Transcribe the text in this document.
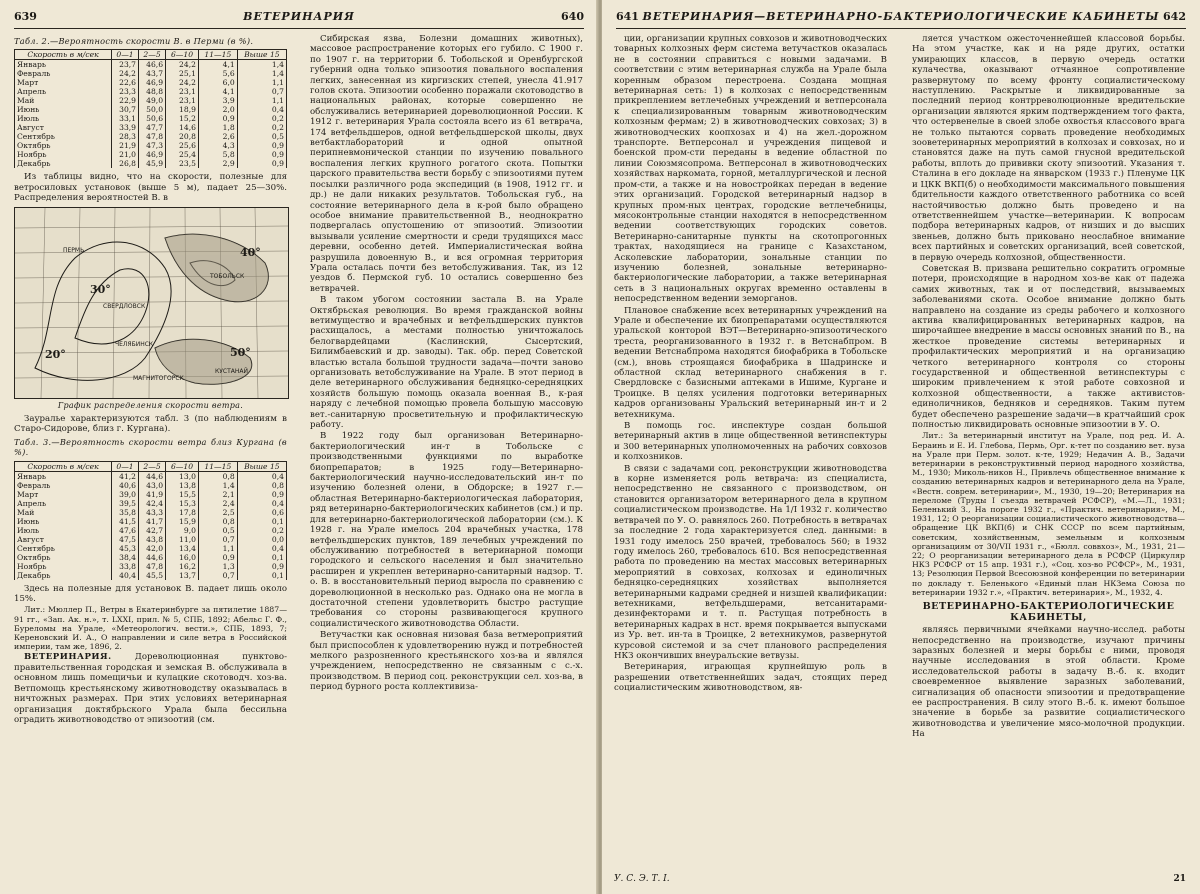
639	ВЕТЕРИНАРИЯ	640
Табл. 2.—Вероятность скорости В. в Перми (в %).
Скорость в м/сек	0—1	2—5	6—10	11—15	Выше 15
Январь	23,7	46,6	24,2	4,1	1,4
Февраль	24,2	43,7	25,1	5,6	1,4
Март	22,6	46,9	24,2	6,0	1,1
Апрель	23,3	48,8	23,1	4,1	0,7
Май	22,9	49,0	23,1	3,9	1,1
Июнь	30,7	50,0	18,9	2,0	0,4
Июль	33,1	50,6	15,2	0,9	0,2
Август	33,9	47,7	14,6	1,8	0,2
Сентябрь	28,3	47,8	20,8	2,6	0,5
Октябрь	21,9	47,3	25,6	4,3	0,9
Ноябрь	21,0	46,9	25,4	5,8	0,9
Декабрь	26,8	45,9	23,5	2,9	0,9

Из таблицы видно, что на скорости, полезные для ветросиловых установок (выше 5 м), падает 25—30%. Распределения вероятностей В. в

ПЕРМЬ
СВЕРДЛОВСК
ЧЕЛЯБИНСК
ТОБОЛЬСК
МАГНИТОГОРСК
КУСТАНАЙ
20°
30°
40°
50°
График распределения скорости ветра.

Зауралье характеризуются табл. 3 (по наблюдениям в Старо-Сидорове, близ г. Кургана).

Табл. 3.—Вероятность скорости ветра близ Кургана (в %).
Скорость в м/сек	0—1	2—5	6—10	11—15	Выше 15
Январь	41,2	44,6	13,0	0,8	0,4
Февраль	40,6	43,0	13,8	1,4	0,8
Март	39,0	41,9	15,5	2,1	0,9
Апрель	39,5	42,4	15,3	2,4	0,4
Май	35,8	43,3	17,8	2,5	0,6
Июнь	41,5	41,7	15,9	0,8	0,1
Июль	47,6	42,7	9,0	0,5	0,2
Август	47,5	43,8	11,0	0,7	0,0
Сентябрь	45,3	42,0	13,4	1,1	0,4
Октябрь	38,4	44,6	16,0	0,9	0,1
Ноябрь	33,8	47,8	16,2	1,3	0,9
Декабрь	40,4	45,5	13,7	0,7	0,1

Здесь на полезные для установок В. падает лишь около 15%.

Лит.: Мюллер П., Ветры в Екатеринбурге за пятилетие 1887—91 гг., «Зап. Ак. н.», т. LXXI, прил. № 5, СПБ, 1892; Абельс Г. Ф., Буреломы на Урале, «Метеорологич. вести.», СПБ, 1893, 7; Кереновский И. А., О направлении и силе ветра в Российской империи, там же, 1896, 2.

ВЕТЕРИНАРИЯ.	Дореволюционная пунктово-правительственная городская и земская В. обслуживала в основном лишь помещичьи и кулацкие скотоводч. хоз-ва. Ветпомощь крестьянскому животноводству оказывалась в ничтожных размерах. При этих условиях ветеринарная организация доктябрьского Урала была бессильна оградить животноводство от эпизоотий (см.

Сибирская язва, Болезни домашних животных), массовое распространение которых его губило. С 1900 г. по 1907 г. на территории б. Тобольской и Оренбургской губерний одна только эпизоотия повального воспаления легких, занесенная из киргизских степей, унесла 41.917 голов скота. Эпизоотии особенно поражали скотоводство в национальных районах, которые совершенно не обслуживались ветеринарией дореволюционной России. К 1912 г. ветеринария Урала состояла всего из 61 ветврача, 174 ветфельдшеров, одной ветфельдшерской школы, двух ветбактлабораторий и одной опытной перипневмонической станции по изучению повального воспаления легких крупного рогатого скота. Попытки царского правительства вести борьбу с эпизоотиями путем посылки различного рода экспедиций (в 1908, 1912 гг. и др.) не дали никаких результатов. Тобольская губ., на состояние ветеринарного дела в к-рой было обращено особое внимание правительственной В., неоднократно подвергалась опустошению от эпизоотий. Эпизоотии вызывали усиление смертности и среди трудящихся масс деревни, особенно детей. Империалистическая война разрушила довоенную В., и вся огромная территория Урала осталась почти без ветобслуживания. Так, из 12 уездов б. Пермской губ. 10 остались совершенно без ветврачей.

В таком убогом состоянии застала В. на Урале Октябрьская революция. Во время гражданской войны ветимущество и врачебных и ветфельдшерских пунктов расхищалось, а местами полностью уничтожалось белогвардейцами (Каслинский, Сысертский, Билимбаевский и др. заводы). Так. обр. перед Советской властью встала большой трудности задача—почти заново организовать ветобслуживание на Урале. В этот период в деле ветеринарного обслуживания бедняцко-середняцких хозяйств большую помощь оказала военная В., к-рая наряду с лечебной помощью провела большую массовую вет.-санитарную просветительную и профилактическую работу.

В 1922 году был организован Ветеринарно-бактериологический ин-т в Тобольске с производственными функциями по выработке биопрепаратов; в 1925 году—Ветеринарно-бактериологический научно-исследовательский ин-т по изучению болезней олени, в Обдорске; в 1927 г.—областная Ветеринарно-бактериологическая лаборатория, ряд ветеринарно-бактериологических кабинетов (см.) и пр. для ветеринарно-бактериологической лаборатории (см.). К 1928 г. на Урале имелось 204 врачебных участка, 178 ветфельдшерских пунктов, 189 лечебных учреждений по обслуживанию потребностей в ветеринарной помощи городского и сельского населения и был значительно расширен и укреплен ветеринарно-санитарный надзор. Т. о. В. в восстановительный период выросла по сравнению с дореволюционной в несколько раз. Однако она не могла в достаточной степени удовлетворить быстро растущие требования со стороны развивающегося крупного социалистического животноводства Области.

Ветучастки как основная низовая база ветмероприятий был приспособлен к удовлетворению нужд и потребностей мелкого разрозненного крестьянского хоз-ва и являлся учреждением, непосредственно не связанным с с.-х. производством. В период соц. реконструкции сел. хоз-ва, в период бурного роста коллективиза-

641 ВЕТЕРИНАРИЯ—ВЕТЕРИНАРНО-БАКТЕРИОЛОГИЧЕСКИЕ КАБИНЕТЫ 642

ции, организации крупных совхозов и животноводческих товарных колхозных ферм система ветучастков оказалась не в состоянии справиться с новыми задачами. В соответствии с этим ветеринарная служба на Урале была коренным образом перестроена. Создана мощная ветеринарная сеть: 1) в колхозах с непосредственным прикреплением ветлечебных учреждений и ветперсонала к специализированным товарным животноводческим колхозным фермам; 2) в животноводческих совхозах; 3) в животноводческих коопхозах и 4) на жел.-дорожном транспорте. Ветперсонал и учреждения пищевой и боенской пром-сти переданы в ведение областной по линии Союзмясопрома. Ветперсонал в животноводческих хозяйствах наркомата, горной, металлургической и лесной пром-сти, а также и на новостройках передан в ведение этих организаций. Городской ветеринарный надзор в крупных пром-ных центрах, городские ветлечебницы, мясоконтрольные станции находятся в непосредственном ведении соответствующих городских советов. Ветеринарно-санитарные пункты на скотопрогонных трактах, находящиеся на границе с Казахстаном, Асколевские лаборатории, зональные станции по изучению болезней, зональные ветеринарно-бактериологические лаборатории, а также ветеринарная сеть в 3 национальных округах временно оставлены в непосредственном ведении земорганов.

Плановое снабжение всех ветеринарных учреждений на Урале и обеспечение их биопрепаратами осуществляются уральской конторой ВЭТ—Ветеринарно-эпизоотического треста, реорганизованного в 1932 г. в Ветснабпром. В ведении Ветснабпрома находятся биофабрика в Тобольске (см.), вновь строящаяся биофабрика в Шадринске и областной склад ветеринарного снабжения в г. Свердловске с базисными аптеками в Ишиме, Кургане и Троицке. В целях усиления подготовки ветеринарных кадров организованы Уральский ветеринарный ин-т и 2 ветехникума.

В помощь гос. инспектуре создан большой ветеринарный актив в лице общественной ветинспектуры и 300 ветеринарных уполномоченных на рабочих совхозов и колхозников.

В связи с задачами соц. реконструкции животноводства в корне изменяется роль ветврача: из специалиста, непосредственно не связанного с производством, он становится организатором ветеринарного дела в крупном социалистическом производстве. На 1/I 1932 г. количество ветврачей по У. О. равнялось 260. Потребность в ветврачах за последние 2 года характеризуется след. данными: в 1931 году имелось 250 врачей, требовалось 560; в 1932 году имелось 260, требовалось 610. Вся непосредственная работа по проведению на местах массовых ветеринарных мероприятий в совхозах, колхозах и единоличных бедняцко-середняцких хозяйствах выполняется ветеринарными кадрами средней и низшей квалификации: ветехниками, ветфельдшерами, ветсанитарами-дезинфекторами и т. п. Растущая потребность в ветеринарных кадрах в нст. время покрывается выпусками из Ур. вет. ин-та в Троицке, 2 ветехникумов, развернутой курсовой системой и за счет планового распределения НКЗ окончивших внеуральские ветвузы.

Ветеринария, играющая крупнейшую роль в разрешении ответственнейших задач, стоящих перед социалистическим животноводством, яв-

ляется участком ожесточеннейшей классовой борьбы. На этом участке, как и на ряде других, остатки умирающих классов, в первую очередь остатки кулачества, оказывают отчаянное сопротивление развернутому по всему фронту социалистическому наступлению. Раскрытые и ликвидированные за последний период контрреволюционные вредительские организации являются ярким подтверждением того факта, что остервенелые в своей злобе охвостья классового врага не только пытаются сорвать проведение необходимых зооветеринарных мероприятий в колхозах и совхозах, но и становятся даже на путь самой гнусной вредительской работы, вплоть до прививки скоту эпизоотий. Указания т. Сталина в его докладе на январском (1933 г.) Пленуме ЦК и ЦКК ВКП(б) о необходимости максимального повышения бдительности каждого ответственного работника со всей настойчивостью должно быть проведено и на ответственнейшем участке—ветеринарии. К вопросам подбора ветеринарных кадров, от низших и до высших звеньев, должно быть приковано неослабное внимание всех партийных и советских организаций, всей советской, в первую очередь колхозной, общественности.

Советская В. призвана решительно сократить огромные потери, происходящие в народном хоз-ве как от падежа самих животных, так и от последствий, вызываемых заболеваниями скота. Особое внимание должно быть направлено на создание из среды рабочего и колхозного актива квалифицированных ветеринарных кадров, на широчайшее внедрение в массы основных знаний по В., на жесткое проведение системы ветеринарных и профилактических мероприятий и на организацию четкого ветеринарного контроля со стороны государственной и общественной ветинспектуры с широким привлечением к этой работе совхозной и колхозной общественности, а также активистов-единоличников, бедняков и середняков. Таким путем будет обеспечено разрешение задачи—в кратчайший срок полностью ликвидировать основные эпизоотии в У. О.

Лит.: За ветеринарный институт на Урале, под ред. И. А. Бераинь и Е. И. Глебова, Пермь, Орг. к-тет по созданию вет. вуза на Урале при Перм. золот. к-те, 1929; Недачин А. В., Задачи ветеринарии в реконструктивный период народного хозяйства, М., 1930; Миколь-ников Н., Привлечь общественное внимание к созданию ветеринарных кадров и ветеринарного дела на Урале, «Вестн. соврем. ветеринарии», М., 1930, 19—20; Ветеринария на переломе (Труды I съезда ветврачей РСФСР), «М.—Л., 1931; Беленький З., На пороге 1932 г., «Практич. ветеринария», М., 1931, 12; О реорганизации социалистического животноводства—обращение ЦК ВКП(б) и СНК СССР по всем партийным, советским, хозяйственным, земельным и колхозным организациям от 30/VII 1931 г., «Бюлл. соввхоз», М., 1931, 21—22; О реорганизации ветеринарного дела в РСФСР (Циркуляр НКЗ РСФСР от 15 апр. 1931 г.), «Соц. хоз-во РСФСР», М., 1931, 13; Резолюция Первой Всесоюзной конференции по ветеринарии по докладу т. Беленького «Единый план НКЗема Союза по ветеринарии 1932 г.», «Практич. ветеринария», М., 1932, 4.

ВЕТЕРИНАРНО-БАКТЕРИОЛОГИЧЕСКИЕ КАБИНЕТЫ,

являясь первичными ячейками научно-исслед. работы непосредственно на производстве, изучают причины заразных болезней и меры борьбы с ними, проводя научные исследования в этой области. Кроме исследовательской работы в задачу В.-б. к. входит своевременное выявление заразных заболеваний, сигнализация об опасности эпизоотии и предотвращение ее распространения. В силу этого В.-б. к. имеют большое значение в борьбе за развитие социалистического животноводства и увеличение мясо-молочной продукции. На

У. С. Э. Т. I.	21
